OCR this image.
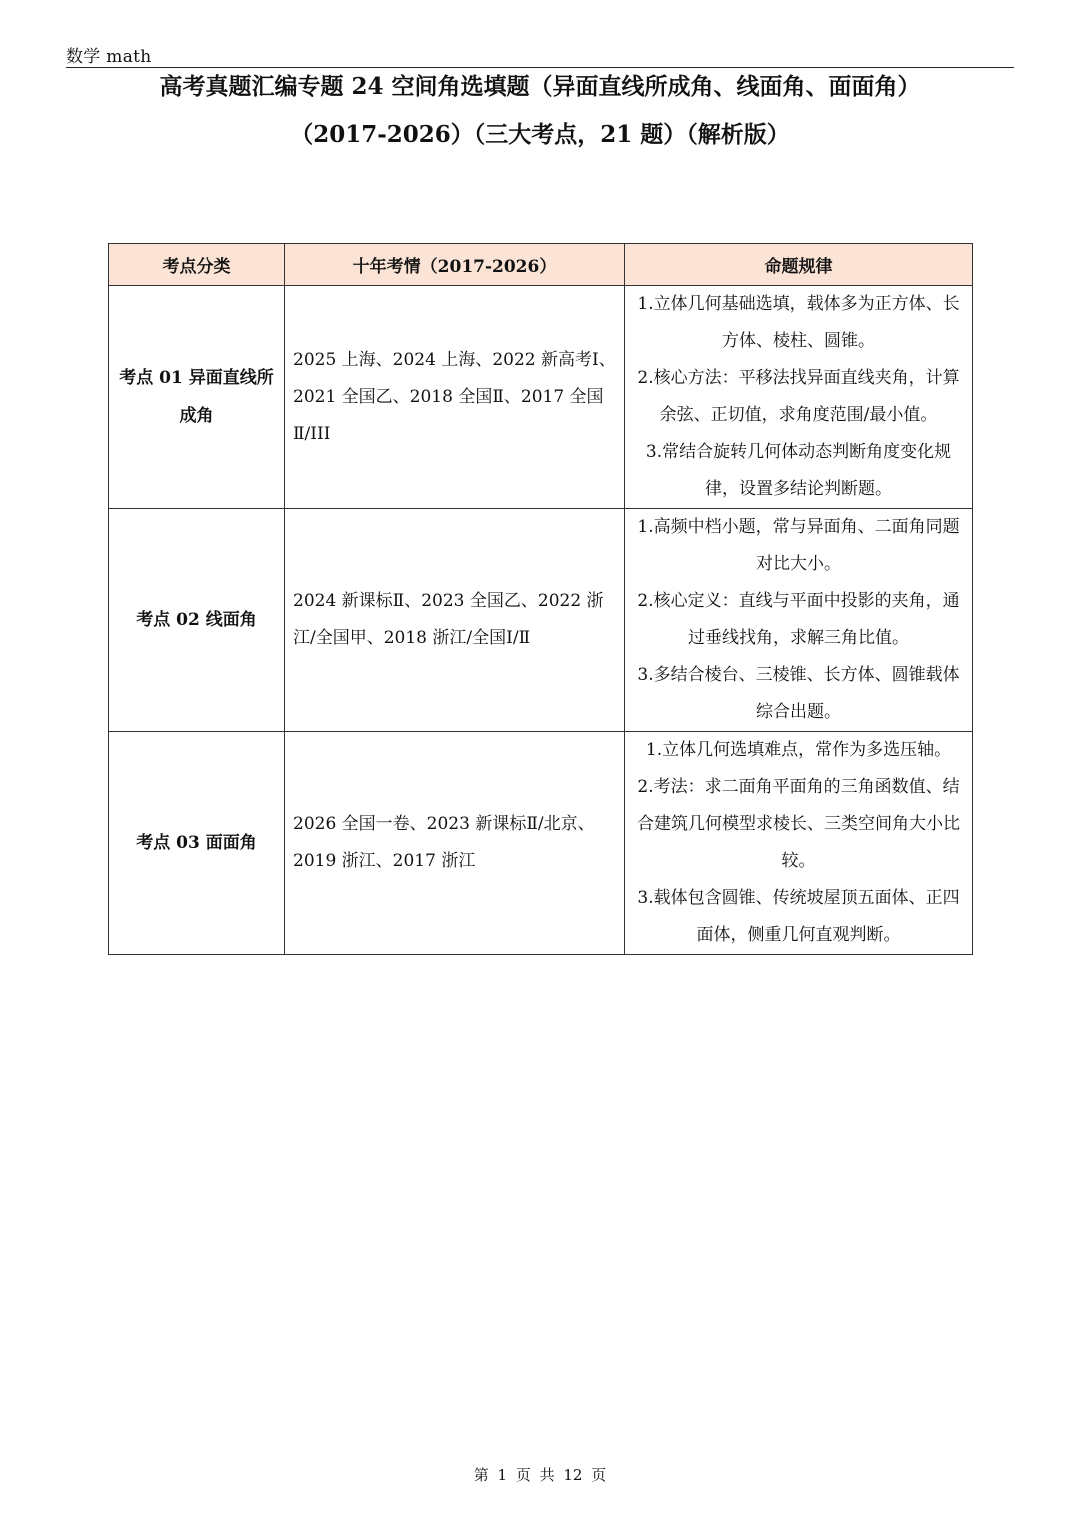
数学 math
高考真题汇编专题 24 空间角选填题（异面直线所成角、线面角、面面角）
（2017-2026）（三大考点，21 题）（解析版）
考点分类	十年考情（2017-2026）	命题规律
考点 01 异面直线所成角	2025 上海、2024 上海、2022 新高考Ⅰ、2021 全国乙、2018 全国Ⅱ、2017 全国Ⅱ/III	1.立体几何基础选填，载体多为正方体、长方体、棱柱、圆锥。
2.核心方法：平移法找异面直线夹角，计算余弦、正切值，求角度范围/最小值。
3.常结合旋转几何体动态判断角度变化规律，设置多结论判断题。

考点 02 线面角	2024 新课标Ⅱ、2023 全国乙、2022 浙江/全国甲、2018 浙江/全国Ⅰ/Ⅱ	1.高频中档小题，常与异面角、二面角同题对比大小。
2.核心定义：直线与平面中投影的夹角，通过垂线找角，求解三角比值。
3.多结合棱台、三棱锥、长方体、圆锥载体综合出题。

考点 03 面面角	2026 全国一卷、2023 新课标Ⅱ/北京、2019 浙江、2017 浙江	1.立体几何选填难点，常作为多选压轴。
2.考法：求二面角平面角的三角函数值、结合建筑几何模型求棱长、三类空间角大小比较。
3.载体包含圆锥、传统坡屋顶五面体、正四面体，侧重几何直观判断。
第 1 页 共 12 页
